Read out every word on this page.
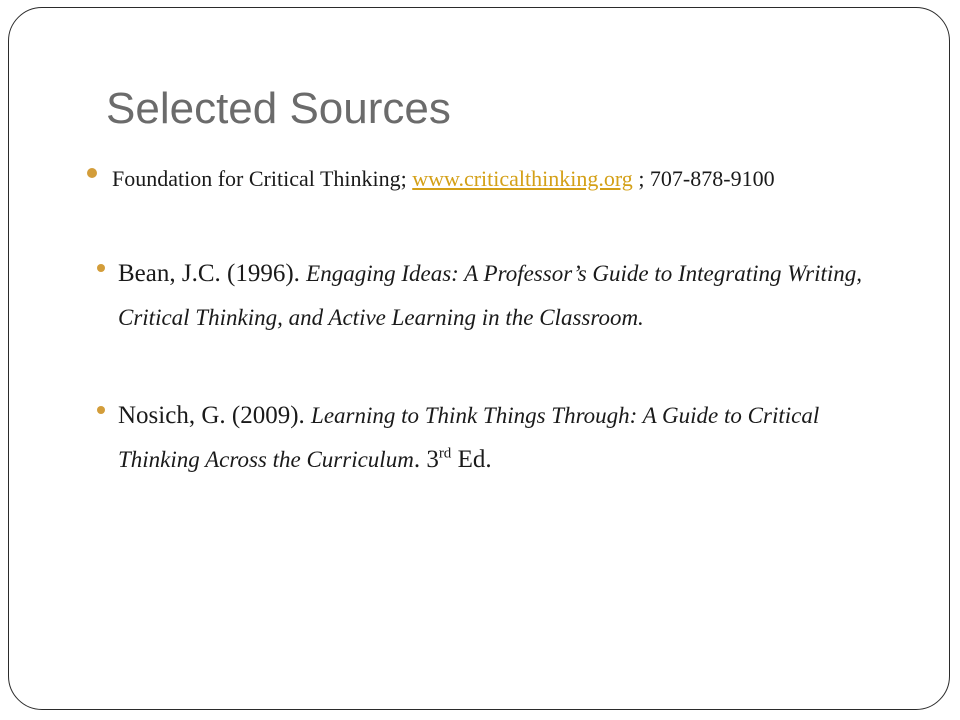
Selected Sources
Foundation for Critical Thinking; www.criticalthinking.org ; 707-878-9100
Bean, J.C. (1996). Engaging Ideas: A Professor’s Guide to Integrating Writing, Critical Thinking, and Active Learning in the Classroom.
Nosich, G. (2009). Learning to Think Things Through: A Guide to Critical Thinking Across the Curriculum. 3rd Ed.
